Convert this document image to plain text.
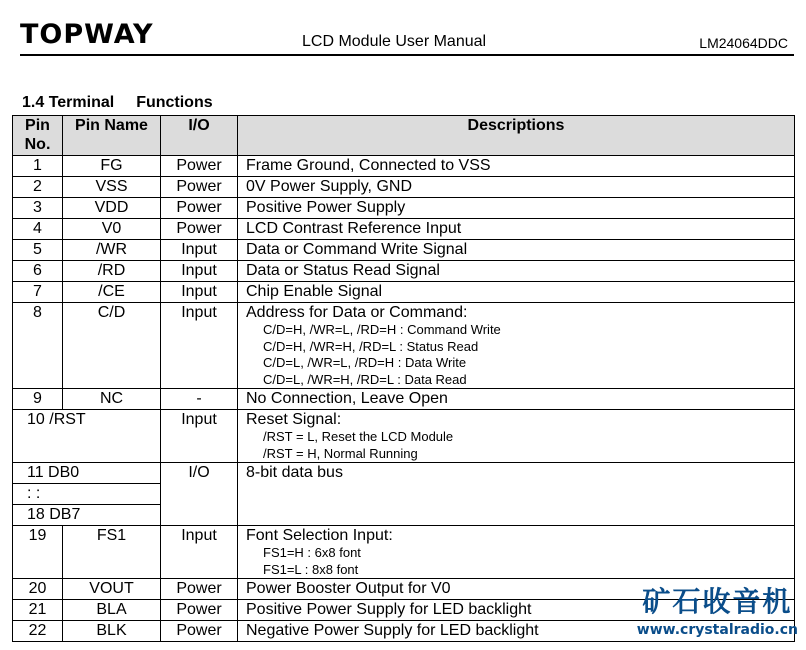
TOPWAY	LCD Module User Manual	LM24064DDC
1.4 Terminal Functions
Pin No.	Pin Name	I/O	Descriptions
1	FG	Power	Frame Ground, Connected to VSS
2	VSS	Power	0V Power Supply, GND
3	VDD	Power	Positive Power Supply
4	V0	Power	LCD Contrast Reference Input
5	/WR	Input	Data or Command Write Signal
6	/RD	Input	Data or Status Read Signal
7	/CE	Input	Chip Enable Signal
8	C/D	Input	Address for Data or Command:
C/D=H, /WR=L, /RD=H : Command Write
C/D=H, /WR=H, /RD=L : Status Read
C/D=L, /WR=L, /RD=H : Data Write
C/D=L, /WR=H, /RD=L : Data Read

9	NC	-	No Connection, Leave Open
10 /RST		Input	Reset Signal:
/RST = L, Reset the LCD Module
/RST = H, Normal Running

11 DB0		I/O	8-bit data bus
: :			
18 DB7			
19	FS1	Input	Font Selection Input:
FS1=H : 6x8 font
FS1=L : 8x8 font

20	VOUT	Power	Power Booster Output for V0
21	BLA	Power	Positive Power Supply for LED backlight
22	BLK	Power	Negative Power Supply for LED backlight
矿石收音机
www.crystalradio.cn
